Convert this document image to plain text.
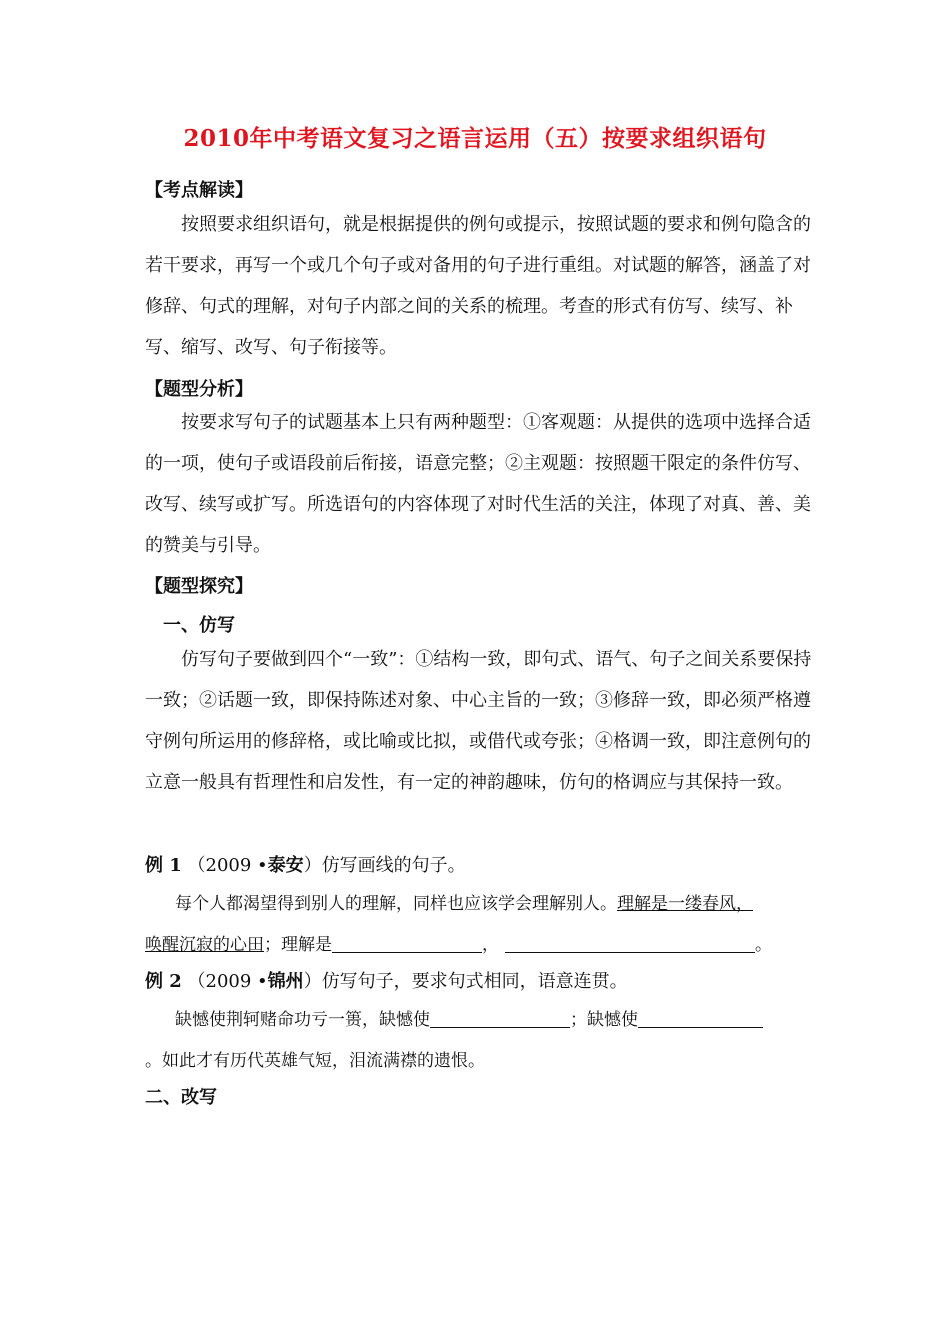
2010年中考语文复习之语言运用（五）按要求组织语句
【考点解读】
按照要求组织语句，就是根据提供的例句或提示，按照试题的要求和例句隐含的若干要求，再写一个或几个句子或对备用的句子进行重组。对试题的解答，涵盖了对修辞、句式的理解，对句子内部之间的关系的梳理。考查的形式有仿写、续写、补写、缩写、改写、句子衔接等。
【题型分析】
按要求写句子的试题基本上只有两种题型：①客观题：从提供的选项中选择合适的一项，使句子或语段前后衔接，语意完整；②主观题：按照题干限定的条件仿写、改写、续写或扩写。所选语句的内容体现了对时代生活的关注，体现了对真、善、美的赞美与引导。
【题型探究】
一、仿写
仿写句子要做到四个“一致”：①结构一致，即句式、语气、句子之间关系要保持一致；②话题一致，即保持陈述对象、中心主旨的一致；③修辞一致，即必须严格遵守例句所运用的修辞格，或比喻或比拟，或借代或夸张；④格调一致，即注意例句的立意一般具有哲理性和启发性，有一定的神韵趣味，仿句的格调应与其保持一致。
例 1 （2009 •泰安）仿写画线的句子。
每个人都渴望得到别人的理解，同样也应该学会理解别人。理解是一缕春风，
唤醒沉寂的心田；理解是	，	。
例 2 （2009 •锦州）仿写句子，要求句式相同，语意连贯。
缺憾使荆轲赌命功亏一篑，缺憾使	；缺憾使
。如此才有历代英雄气短，泪流满襟的遗恨。
二、改写
